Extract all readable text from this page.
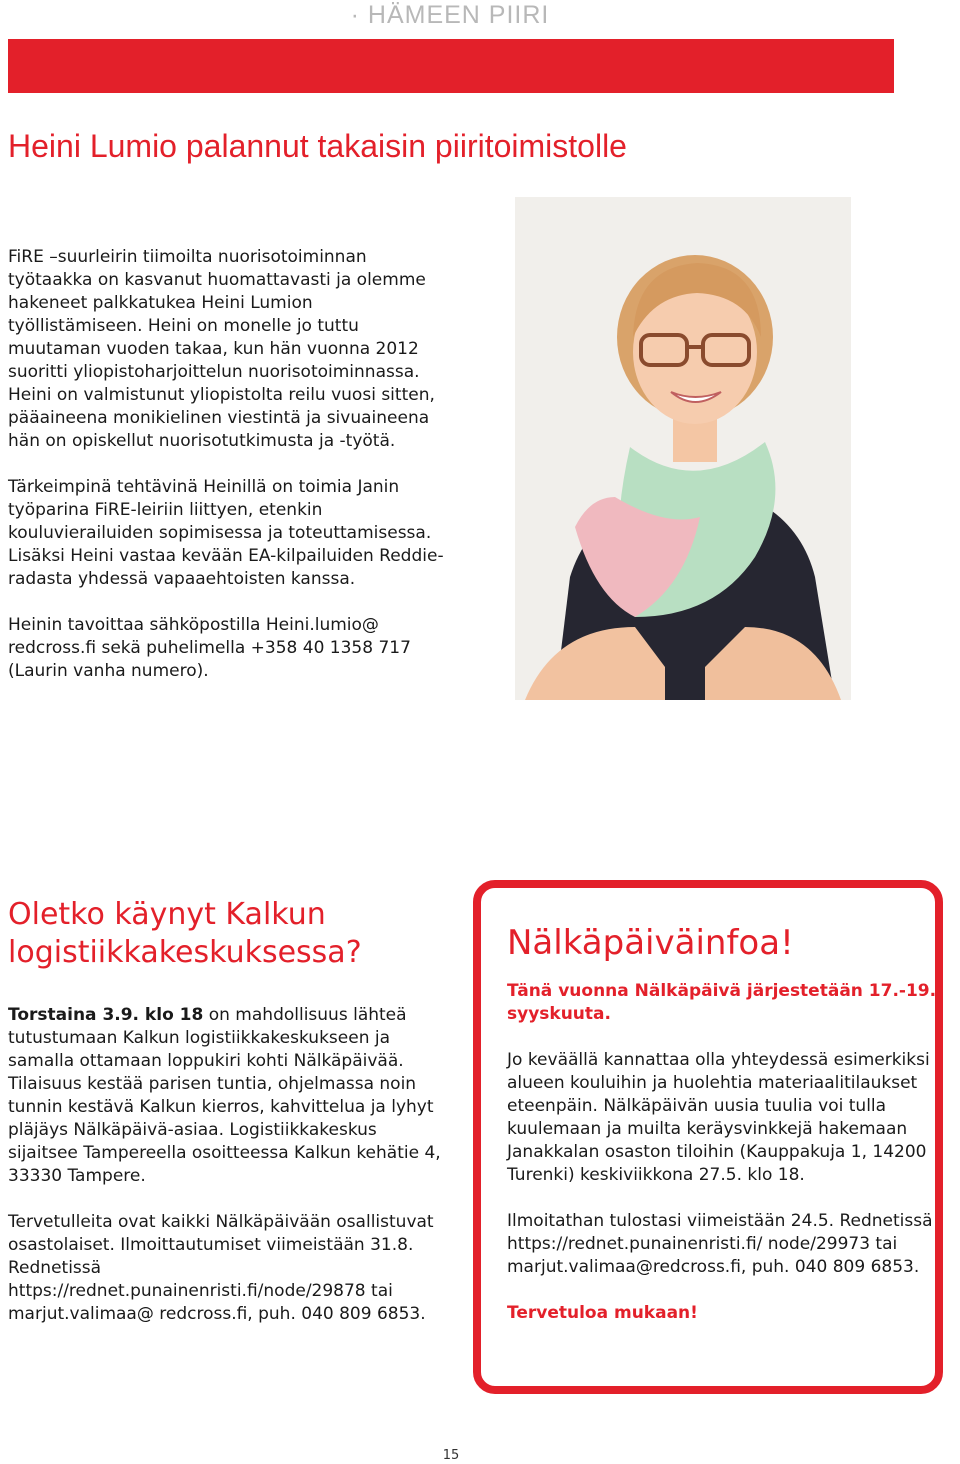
· HÄMEEN PIIRI
Heini Lumio palannut takaisin piiritoimistolle

FiRE –suurleirin tiimoilta nuorisotoiminnan työtaakka on kasvanut huomattavasti ja olemme hakeneet palkkatukea Heini Lumion työllistämiseen. Heini on monelle jo tuttu muutaman vuoden takaa, kun hän vuonna 2012 suoritti yliopistoharjoittelun nuorisotoiminnassa. Heini on valmistunut yliopistolta reilu vuosi sitten, pääaineena monikielinen viestintä ja sivuaineena hän on opiskellut nuorisotutkimusta ja -työtä.

Tärkeimpinä tehtävinä Heinillä on toimia Janin työparina FiRE-leiriin liittyen, etenkin kouluvierailuiden sopimisessa ja toteuttamisessa. Lisäksi Heini vastaa kevään EA-kilpailuiden Reddie-radasta yhdessä vapaaehtoisten kanssa.

Heinin tavoittaa sähköpostilla Heini.lumio@ redcross.fi sekä puhelimella +358 40 1358 717 (Laurin vanha numero).

Oletko käynyt Kalkun logistiikkakeskuksessa?

Torstaina 3.9. klo 18 on mahdollisuus lähteä tutustumaan Kalkun logistiikkakeskukseen ja samalla ottamaan loppukiri kohti Nälkäpäivää. Tilaisuus kestää parisen tuntia, ohjelmassa noin tunnin kestävä Kalkun kierros, kahvittelua ja lyhyt pläjäys Nälkäpäivä-asiaa. Logistiikkakeskus sijaitsee Tampereella osoitteessa Kalkun kehätie 4, 33330 Tampere.

Tervetulleita ovat kaikki Nälkäpäivään osallistuvat osastolaiset. Ilmoittautumiset viimeistään 31.8. Rednetissä https://rednet.punainenristi.fi/node/29878 tai marjut.valimaa@ redcross.fi, puh. 040 809 6853.

Nälkäpäiväinfoa!

Tänä vuonna Nälkäpäivä järjestetään 17.-19. syyskuuta.

Jo keväällä kannattaa olla yhteydessä esimerkiksi alueen kouluihin ja huolehtia materiaalitilaukset eteenpäin. Nälkäpäivän uusia tuulia voi tulla kuulemaan ja muilta keräysvinkkejä hakemaan Janakkalan osaston tiloihin (Kauppakuja 1, 14200 Turenki) keskiviikkona 27.5. klo 18.

Ilmoitathan tulostasi viimeistään 24.5. Rednetissä https://rednet.punainenristi.fi/ node/29973 tai marjut.valimaa@redcross.fi, puh. 040 809 6853.

Tervetuloa mukaan!

15
